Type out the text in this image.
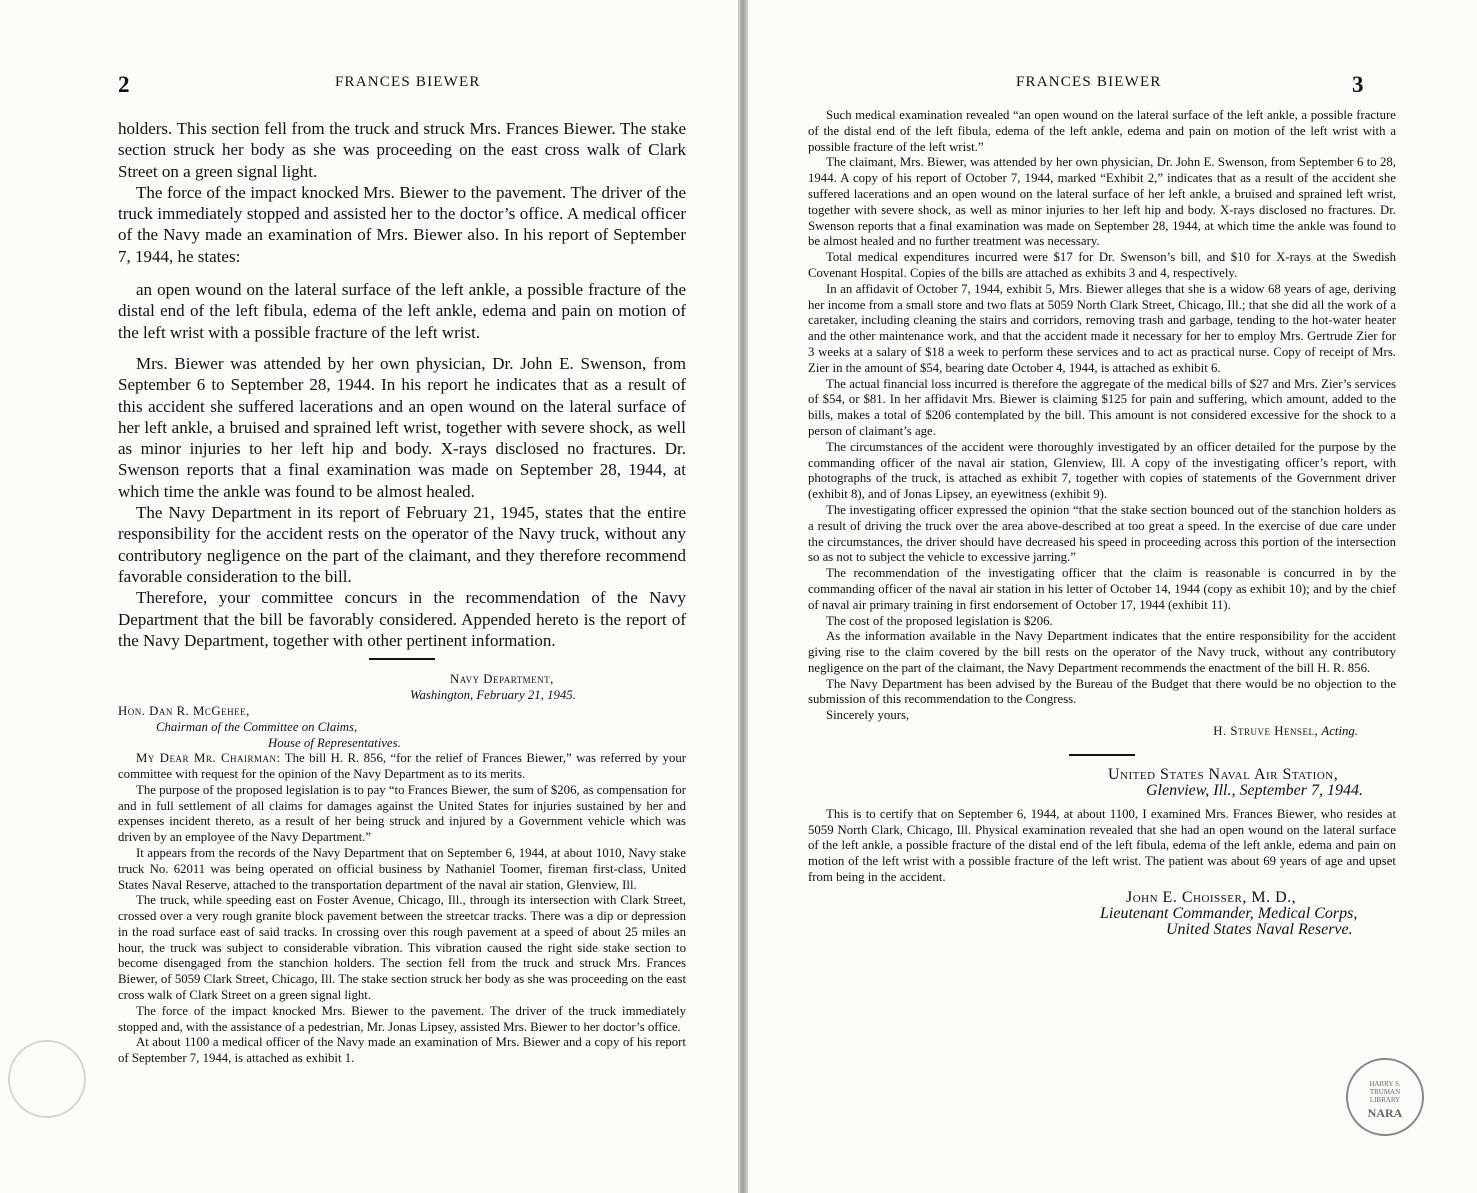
2	FRANCES BIEWER

holders. This section fell from the truck and struck Mrs. Frances Biewer. The stake section struck her body as she was proceeding on the east cross walk of Clark Street on a green signal light.

The force of the impact knocked Mrs. Biewer to the pavement. The driver of the truck immediately stopped and assisted her to the doctor’s office. A medical officer of the Navy made an examination of Mrs. Biewer also. In his report of September 7, 1944, he states:

an open wound on the lateral surface of the left ankle, a possible fracture of the distal end of the left fibula, edema of the left ankle, edema and pain on motion of the left wrist with a possible fracture of the left wrist.

Mrs. Biewer was attended by her own physician, Dr. John E. Swenson, from September 6 to September 28, 1944. In his report he indicates that as a result of this accident she suffered lacerations and an open wound on the lateral surface of her left ankle, a bruised and sprained left wrist, together with severe shock, as well as minor injuries to her left hip and body. X-rays disclosed no fractures. Dr. Swenson reports that a final examination was made on September 28, 1944, at which time the ankle was found to be almost healed.

The Navy Department in its report of February 21, 1945, states that the entire responsibility for the accident rests on the operator of the Navy truck, without any contributory negligence on the part of the claimant, and they therefore recommend favorable consideration to the bill.

Therefore, your committee concurs in the recommendation of the Navy Department that the bill be favorably considered. Appended hereto is the report of the Navy Department, together with other pertinent information.

Navy Department,
Washington, February 21, 1945.
Hon. Dan R. McGehee,
Chairman of the Committee on Claims,
House of Representatives.

My Dear Mr. Chairman: The bill H. R. 856, “for the relief of Frances Biewer,” was referred by your committee with request for the opinion of the Navy Department as to its merits.

The purpose of the proposed legislation is to pay “to Frances Biewer, the sum of $206, as compensation for and in full settlement of all claims for damages against the United States for injuries sustained by her and expenses incident thereto, as a result of her being struck and injured by a Government vehicle which was driven by an employee of the Navy Department.”

It appears from the records of the Navy Department that on September 6, 1944, at about 1010, Navy stake truck No. 62011 was being operated on official business by Nathaniel Toomer, fireman first-class, United States Naval Reserve, attached to the transportation department of the naval air station, Glenview, Ill.

The truck, while speeding east on Foster Avenue, Chicago, Ill., through its intersection with Clark Street, crossed over a very rough granite block pavement between the streetcar tracks. There was a dip or depression in the road surface east of said tracks. In crossing over this rough pavement at a speed of about 25 miles an hour, the truck was subject to considerable vibration. This vibration caused the right side stake section to become disengaged from the stanchion holders. The section fell from the truck and struck Mrs. Frances Biewer, of 5059 Clark Street, Chicago, Ill. The stake section struck her body as she was proceeding on the east cross walk of Clark Street on a green signal light.

The force of the impact knocked Mrs. Biewer to the pavement. The driver of the truck immediately stopped and, with the assistance of a pedestrian, Mr. Jonas Lipsey, assisted Mrs. Biewer to her doctor’s office.

At about 1100 a medical officer of the Navy made an examination of Mrs. Biewer and a copy of his report of September 7, 1944, is attached as exhibit 1.

FRANCES BIEWER	3

Such medical examination revealed “an open wound on the lateral surface of the left ankle, a possible fracture of the distal end of the left fibula, edema of the left ankle, edema and pain on motion of the left wrist with a possible fracture of the left wrist.”

The claimant, Mrs. Biewer, was attended by her own physician, Dr. John E. Swenson, from September 6 to 28, 1944. A copy of his report of October 7, 1944, marked “Exhibit 2,” indicates that as a result of the accident she suffered lacerations and an open wound on the lateral surface of her left ankle, a bruised and sprained left wrist, together with severe shock, as well as minor injuries to her left hip and body. X-rays disclosed no fractures. Dr. Swenson reports that a final examination was made on September 28, 1944, at which time the ankle was found to be almost healed and no further treatment was necessary.

Total medical expenditures incurred were $17 for Dr. Swenson’s bill, and $10 for X-rays at the Swedish Covenant Hospital. Copies of the bills are attached as exhibits 3 and 4, respectively.

In an affidavit of October 7, 1944, exhibit 5, Mrs. Biewer alleges that she is a widow 68 years of age, deriving her income from a small store and two flats at 5059 North Clark Street, Chicago, Ill.; that she did all the work of a caretaker, including cleaning the stairs and corridors, removing trash and garbage, tending to the hot-water heater and the other maintenance work, and that the accident made it necessary for her to employ Mrs. Gertrude Zier for 3 weeks at a salary of $18 a week to perform these services and to act as practical nurse. Copy of receipt of Mrs. Zier in the amount of $54, bearing date October 4, 1944, is attached as exhibit 6.

The actual financial loss incurred is therefore the aggregate of the medical bills of $27 and Mrs. Zier’s services of $54, or $81. In her affidavit Mrs. Biewer is claiming $125 for pain and suffering, which amount, added to the bills, makes a total of $206 contemplated by the bill. This amount is not considered excessive for the shock to a person of claimant’s age.

The circumstances of the accident were thoroughly investigated by an officer detailed for the purpose by the commanding officer of the naval air station, Glenview, Ill. A copy of the investigating officer’s report, with photographs of the truck, is attached as exhibit 7, together with copies of statements of the Government driver (exhibit 8), and of Jonas Lipsey, an eyewitness (exhibit 9).

The investigating officer expressed the opinion “that the stake section bounced out of the stanchion holders as a result of driving the truck over the area above-described at too great a speed. In the exercise of due care under the circumstances, the driver should have decreased his speed in proceeding across this portion of the intersection so as not to subject the vehicle to excessive jarring.”

The recommendation of the investigating officer that the claim is reasonable is concurred in by the commanding officer of the naval air station in his letter of October 14, 1944 (copy as exhibit 10); and by the chief of naval air primary training in first endorsement of October 17, 1944 (exhibit 11).

The cost of the proposed legislation is $206.

As the information available in the Navy Department indicates that the entire responsibility for the accident giving rise to the claim covered by the bill rests on the operator of the Navy truck, without any contributory negligence on the part of the claimant, the Navy Department recommends the enactment of the bill H. R. 856.

The Navy Department has been advised by the Bureau of the Budget that there would be no objection to the submission of this recommendation to the Congress.

Sincerely yours,

H. Struve Hensel, Acting.

United States Naval Air Station,
Glenview, Ill., September 7, 1944.

This is to certify that on September 6, 1944, at about 1100, I examined Mrs. Frances Biewer, who resides at 5059 North Clark, Chicago, Ill. Physical examination revealed that she had an open wound on the lateral surface of the left ankle, a possible fracture of the distal end of the left fibula, edema of the left ankle, edema and pain on motion of the left wrist with a possible fracture of the left wrist. The patient was about 69 years of age and upset from being in the accident.

John E. Choisser, M. D.,
Lieutenant Commander, Medical Corps,
United States Naval Reserve.
HARRY S. TRUMAN LIBRARY
NARA
